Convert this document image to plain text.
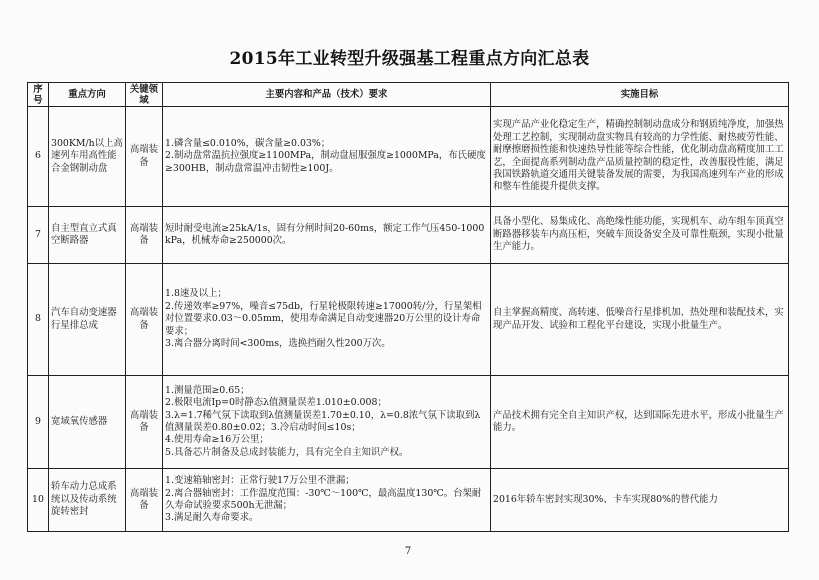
2015年工业转型升级强基工程重点方向汇总表
序号	重点方向	关键领域	主要内容和产品（技术）要求	实施目标
6	300KM/h以上高速列车用高性能合金钢制动盘	高端装备	1.磷含量≤0.010%，碳含量≥0.03%；
2.制动盘常温抗拉强度≥1100MPa，制动盘屈服强度≥1000MPa，布氏硬度≥300HB，制动盘常温冲击韧性≥100J。	实现产品产业化稳定生产，精确控制制动盘成分和钢质纯净度，加强热处理工艺控制，实现制动盘实物具有较高的力学性能、耐热疲劳性能、耐摩擦磨损性能和快速热导性能等综合性能，优化制动盘高精度加工工艺，全面提高系列制动盘产品质量控制的稳定性，改善服役性能，满足我国铁路轨道交通用关键装备发展的需要，为我国高速列车产业的形成和整车性能提升提供支撑。
7	自主型直立式真空断路器	高端装备	短时耐受电流≥25kA/1s，固有分闸时间20-60ms，额定工作气压450-1000kPa，机械寿命≥250000次。	具备小型化、易集成化、高绝缘性能功能，实现机车、动车组车顶真空断路器移装车内高压柜，突破车顶设备安全及可靠性瓶颈，实现小批量生产能力。
8	汽车自动变速器行星排总成	高端装备	1.8速及以上；
2.传递效率≥97%，噪音≤75db，行星轮极限转速≥17000转/分，行星架相对位置要求0.03～0.05mm，使用寿命满足自动变速器20万公里的设计寿命要求；
3.离合器分离时间<300ms，选换挡耐久性200万次。	自主掌握高精度、高转速、低噪音行星排机加、热处理和装配技术，实现产品开发、试验和工程化平台建设，实现小批量生产。
9	宽域氧传感器	高端装备	1.测量范围≥0.65；
2.极限电流Ip=0时静态λ值测量误差1.010±0.008；
3.λ=1.7稀气氛下读取到λ值测量误差1.70±0.10，λ=0.8浓气氛下读取到λ值测量误差0.80±0.02；3.冷启动时间≤10s；
4.使用寿命≥16万公里；
5.具备芯片制备及总成封装能力，具有完全自主知识产权。	产品技术拥有完全自主知识产权，达到国际先进水平，形成小批量生产能力。
10	轿车动力总成系统以及传动系统旋转密封	高端装备	1.变速箱轴密封：正常行驶17万公里不泄漏；
2.离合器轴密封：工作温度范围：-30℃～100℃，最高温度130℃。台架耐久寿命试验要求500h无泄漏；
3.满足耐久寿命要求。	2016年轿车密封实现30%、卡车实现80%的替代能力
7
